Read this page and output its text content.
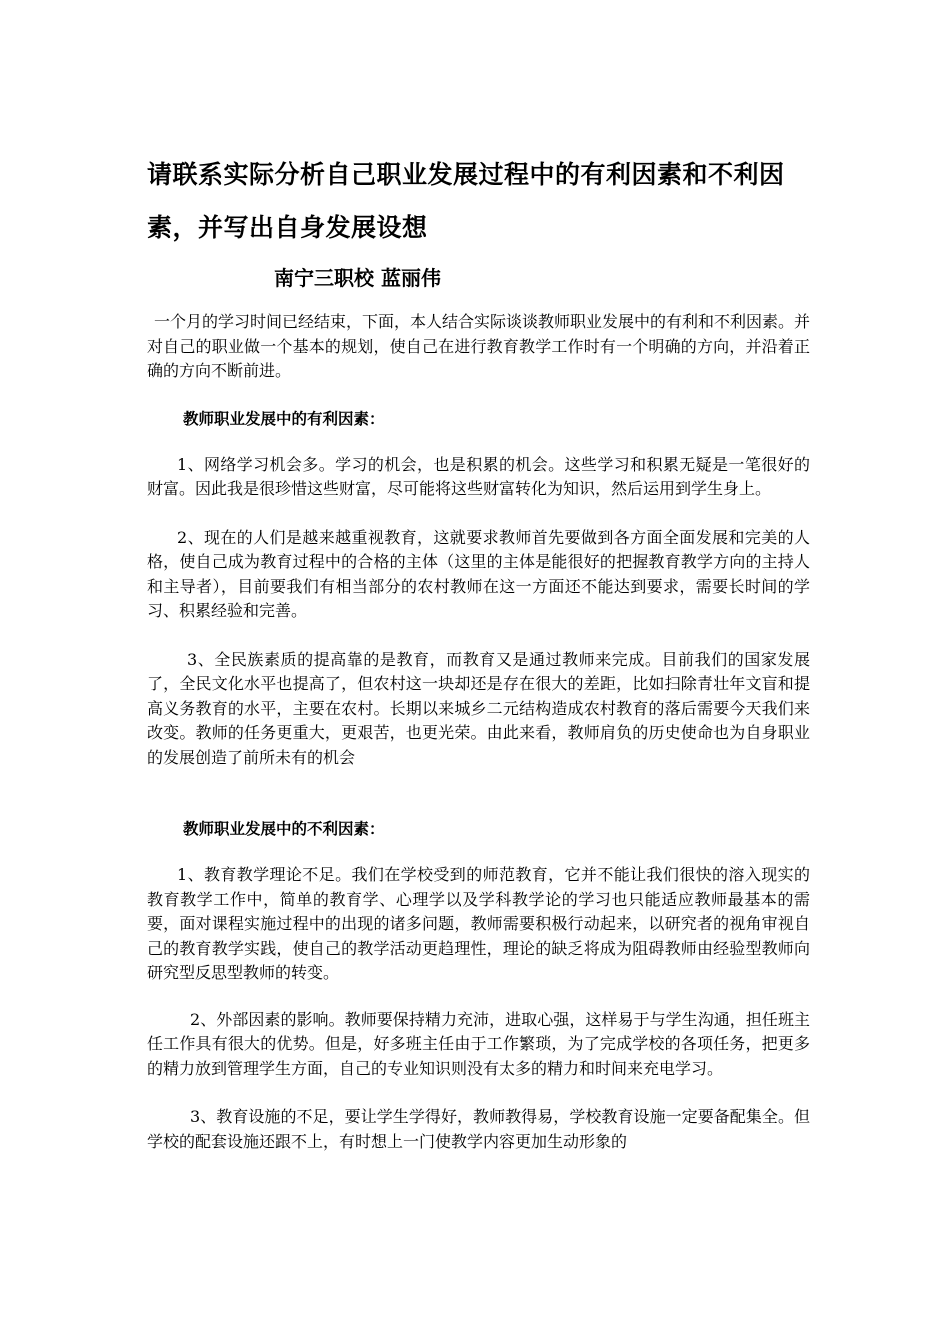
请联系实际分析自己职业发展过程中的有利因素和不利因素，并写出自身发展设想

南宁三职校 蓝丽伟

一个月的学习时间已经结束，下面，本人结合实际谈谈教师职业发展中的有利和不利因素。并对自己的职业做一个基本的规划，使自己在进行教育教学工作时有一个明确的方向，并沿着正确的方向不断前进。

教师职业发展中的有利因素：

1、网络学习机会多。学习的机会，也是积累的机会。这些学习和积累无疑是一笔很好的财富。因此我是很珍惜这些财富，尽可能将这些财富转化为知识，然后运用到学生身上。

2、现在的人们是越来越重视教育，这就要求教师首先要做到各方面全面发展和完美的人格，使自己成为教育过程中的合格的主体（这里的主体是能很好的把握教育教学方向的主持人和主导者），目前要我们有相当部分的农村教师在这一方面还不能达到要求，需要长时间的学习、积累经验和完善。

3、全民族素质的提高靠的是教育，而教育又是通过教师来完成。目前我们的国家发展了，全民文化水平也提高了，但农村这一块却还是存在很大的差距，比如扫除青壮年文盲和提高义务教育的水平，主要在农村。长期以来城乡二元结构造成农村教育的落后需要今天我们来改变。教师的任务更重大，更艰苦，也更光荣。由此来看，教师肩负的历史使命也为自身职业的发展创造了前所未有的机会

教师职业发展中的不利因素：

1、教育教学理论不足。我们在学校受到的师范教育，它并不能让我们很快的溶入现实的教育教学工作中，简单的教育学、心理学以及学科教学论的学习也只能适应教师最基本的需要，面对课程实施过程中的出现的诸多问题，教师需要积极行动起来，以研究者的视角审视自己的教育教学实践，使自己的教学活动更趋理性，理论的缺乏将成为阻碍教师由经验型教师向研究型反思型教师的转变。

2、外部因素的影响。教师要保持精力充沛，进取心强，这样易于与学生沟通，担任班主任工作具有很大的优势。但是，好多班主任由于工作繁琐，为了完成学校的各项任务，把更多的精力放到管理学生方面，自己的专业知识则没有太多的精力和时间来充电学习。

3、教育设施的不足，要让学生学得好，教师教得易，学校教育设施一定要备配集全。但学校的配套设施还跟不上，有时想上一门使教学内容更加生动形象的
